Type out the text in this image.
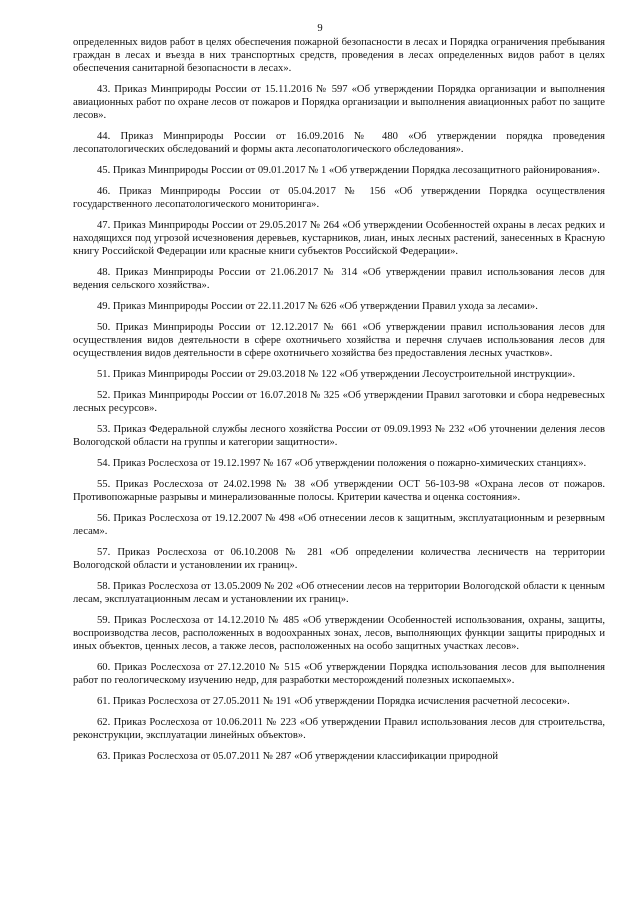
9

определенных видов работ в целях обеспечения пожарной безопасности в лесах и Порядка ограничения пребывания граждан в лесах и въезда в них транспортных средств, проведения в лесах определенных видов работ в целях обеспечения санитарной безопасности в лесах».

43. Приказ Минприроды России от 15.11.2016 № 597 «Об утверждении Порядка организации и выполнения авиационных работ по охране лесов от пожаров и Порядка организации и выполнения авиационных работ по защите лесов».

44. Приказ Минприроды России от 16.09.2016 № 480 «Об утверждении порядка проведения лесопатологических обследований и формы акта лесопатологического обследования».

45. Приказ Минприроды России от 09.01.2017 № 1 «Об утверждении Порядка лесозащитного районирования».

46. Приказ Минприроды России от 05.04.2017 № 156 «Об утверждении Порядка осуществления государственного лесопатологического мониторинга».

47. Приказ Минприроды России от 29.05.2017 № 264 «Об утверждении Особенностей охраны в лесах редких и находящихся под угрозой исчезновения деревьев, кустарников, лиан, иных лесных растений, занесенных в Красную книгу Российской Федерации или красные книги субъектов Российской Федерации».

48. Приказ Минприроды России от 21.06.2017 № 314 «Об утверждении правил использования лесов для ведения сельского хозяйства».

49. Приказ Минприроды России от 22.11.2017 № 626 «Об утверждении Правил ухода за лесами».

50. Приказ Минприроды России от 12.12.2017 № 661 «Об утверждении правил использования лесов для осуществления видов деятельности в сфере охотничьего хозяйства и перечня случаев использования лесов для осуществления видов деятельности в сфере охотничьего хозяйства без предоставления лесных участков».

51. Приказ Минприроды России от 29.03.2018 № 122 «Об утверждении Лесоустроительной инструкции».

52. Приказ Минприроды России от 16.07.2018 № 325 «Об утверждении Правил заготовки и сбора недревесных лесных ресурсов».

53. Приказ Федеральной службы лесного хозяйства России от 09.09.1993 № 232 «Об уточнении деления лесов Вологодской области на группы и категории защитности».

54. Приказ Рослесхоза от 19.12.1997 № 167 «Об утверждении положения о пожарно-химических станциях».

55. Приказ Рослесхоза от 24.02.1998 № 38 «Об утверждении ОСТ 56-103-98 «Охрана лесов от пожаров. Противопожарные разрывы и минерализованные полосы. Критерии качества и оценка состояния».

56. Приказ Рослесхоза от 19.12.2007 № 498 «Об отнесении лесов к защитным, эксплуатационным и резервным лесам».

57. Приказ Рослесхоза от 06.10.2008 № 281 «Об определении количества лесничеств на территории Вологодской области и установлении их границ».

58. Приказ Рослесхоза от 13.05.2009 № 202 «Об отнесении лесов на территории Вологодской области к ценным лесам, эксплуатационным лесам и установлении их границ».

59. Приказ Рослесхоза от 14.12.2010 № 485 «Об утверждении Особенностей использования, охраны, защиты, воспроизводства лесов, расположенных в водоохранных зонах, лесов, выполняющих функции защиты природных и иных объектов, ценных лесов, а также лесов, расположенных на особо защитных участках лесов».

60. Приказ Рослесхоза от 27.12.2010 № 515 «Об утверждении Порядка использования лесов для выполнения работ по геологическому изучению недр, для разработки месторождений полезных ископаемых».

61. Приказ Рослесхоза от 27.05.2011 № 191 «Об утверждении Порядка исчисления расчетной лесосеки».

62. Приказ Рослесхоза от 10.06.2011 № 223 «Об утверждении Правил использования лесов для строительства, реконструкции, эксплуатации линейных объектов».

63. Приказ Рослесхоза от 05.07.2011 № 287 «Об утверждении классификации природной
